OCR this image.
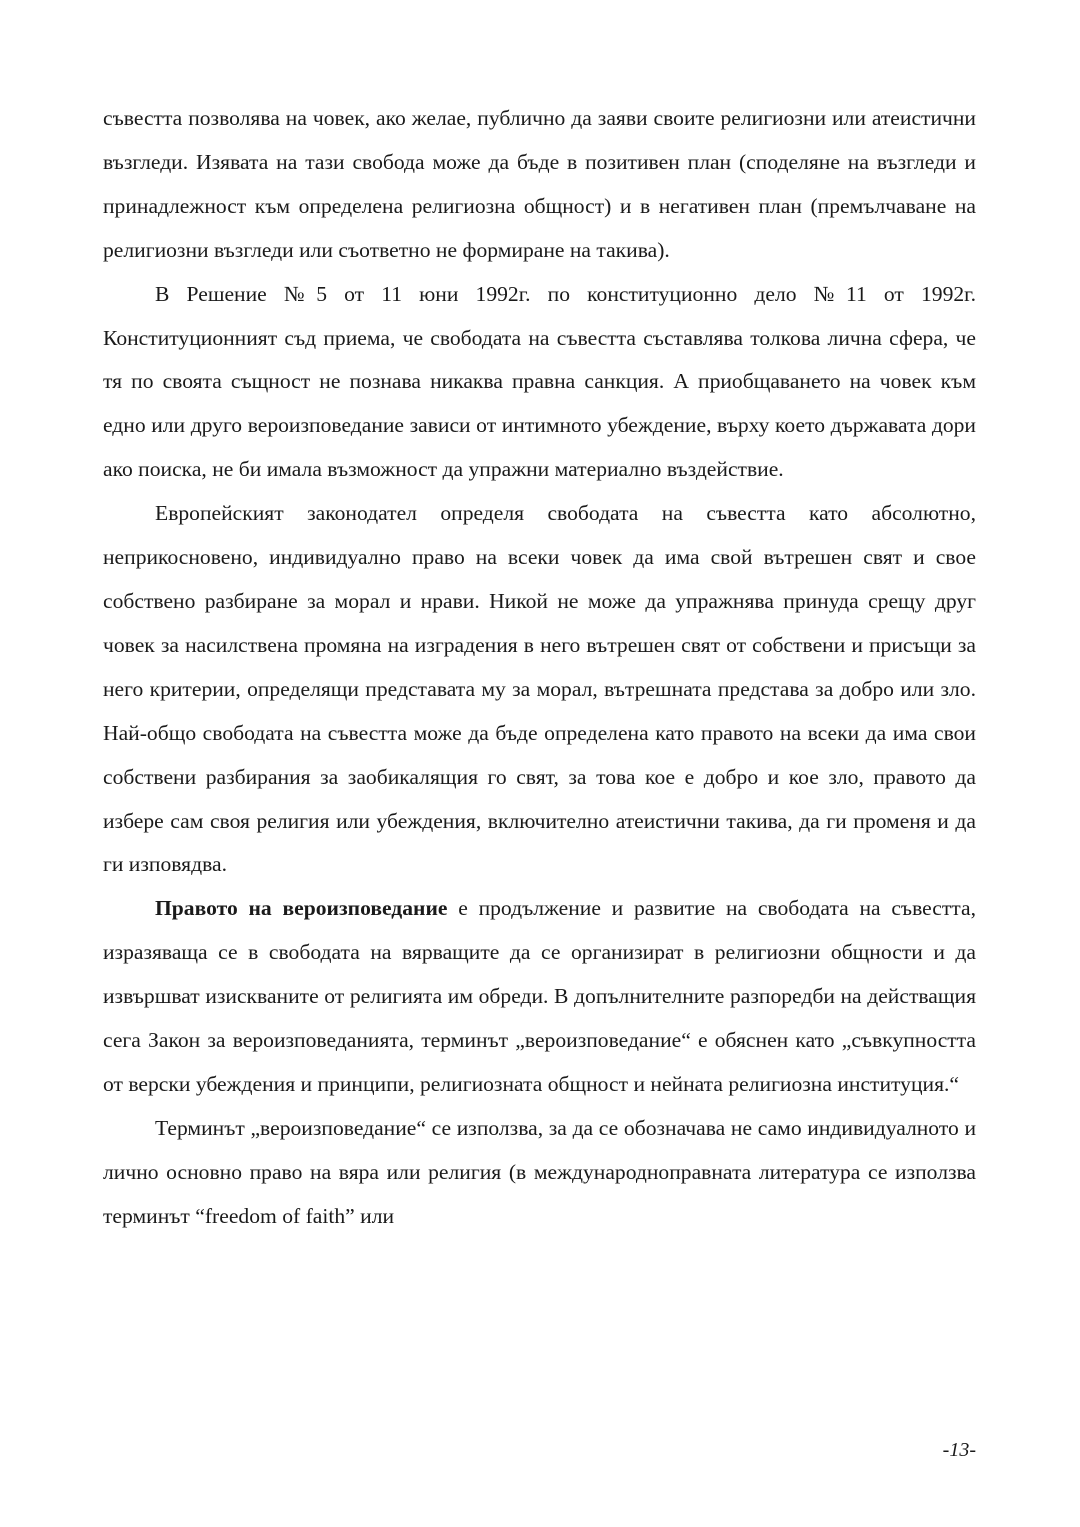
съвестта позволява на човек, ако желае, публично да заяви своите религиозни или атеистични възгледи. Изявата на тази свобода може да бъде в позитивен план (споделяне на възгледи и принадлежност към определена религиозна общност) и в негативен план (премълчаване на религиозни възгледи или съответно не формиране на такива).

В Решение №5 от 11 юни 1992г. по конституционно дело №11 от 1992г. Конституционният съд приема, че свободата на съвестта съставлява толкова лична сфера, че тя по своята същност не познава никаква правна санкция. А приобщаването на човек към едно или друго вероизповедание зависи от интимното убеждение, върху което държавата дори ако поиска, не би имала възможност да упражни материално въздействие.

Европейският законодател определя свободата на съвестта като абсолютно, неприкосновено, индивидуално право на всеки човек да има свой вътрешен свят и свое собствено разбиране за морал и нрави. Никой не може да упражнява принуда срещу друг човек за насилствена промяна на изградения в него вътрешен свят от собствени и присъщи за него критерии, определящи представата му за морал, вътрешната представа за добро или зло. Най-общо свободата на съвестта може да бъде определена като правото на всеки да има свои собствени разбирания за заобикалящия го свят, за това кое е добро и кое зло, правото да избере сам своя религия или убеждения, включително атеистични такива, да ги променя и да ги изповядва.

Правото на вероизповедание е продължение и развитие на свободата на съвестта, изразяваща се в свободата на вярващите да се организират в религиозни общности и да извършват изискваните от религията им обреди. В допълнителните разпоредби на действащия сега Закон за вероизповеданията, терминът „вероизповедание“ е обяснен като „съвкупността от верски убеждения и принципи, религиозната общност и нейната религиозна институция.“

Терминът „вероизповедание“ се използва, за да се обозначава не само индивидуалното и лично основно право на вяра или религия (в международноправната литература се използва терминът “freedom of faith” или

-13-
